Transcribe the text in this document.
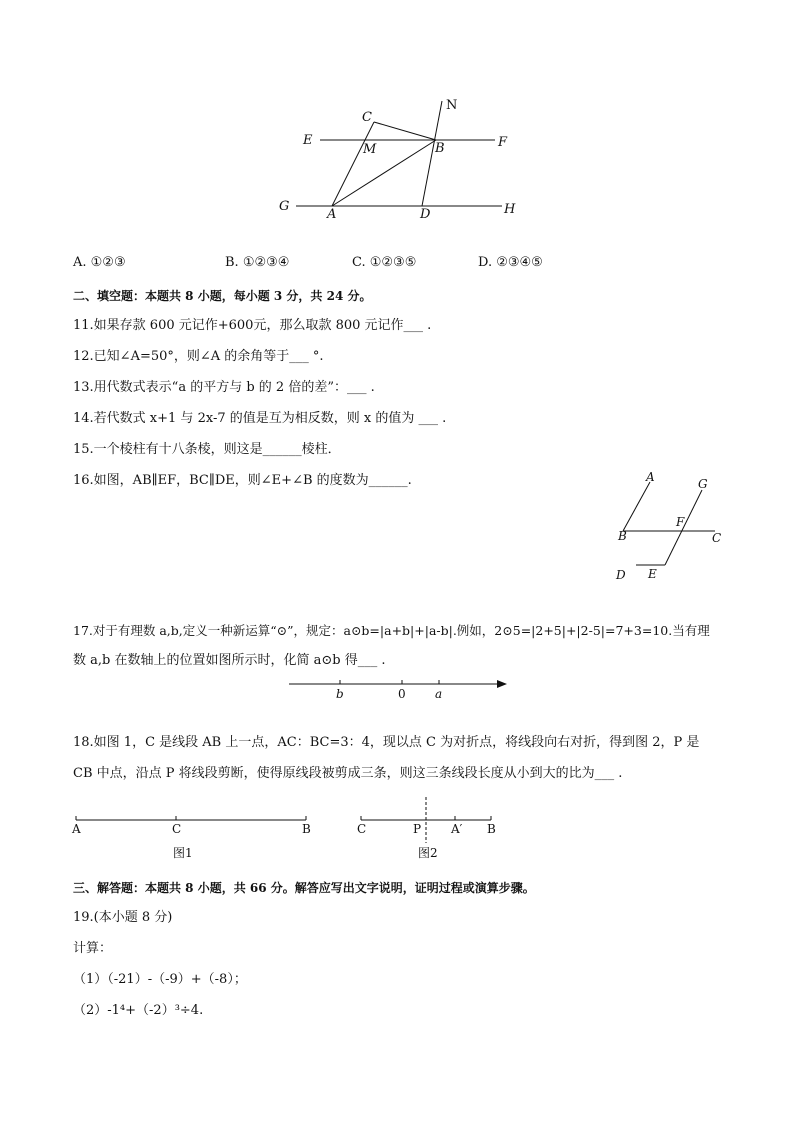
C
N
E
M	B	F
G
A	D	H
A. ①②③	B. ①②③④	C. ①②③⑤	D. ②③④⑤
二、填空题：本题共 8 小题，每小题 3 分，共 24 分。
11.如果存款 600 元记作+600元，那么取款 800 元记作___ .
12.已知∠A=50°，则∠A 的余角等于___ °.
13.用代数式表示“a 的平方与 b 的 2 倍的差”：___ .
14.若代数式 x+1 与 2x-7 的值是互为相反数，则 x 的值为 ___ .
15.一个棱柱有十八条棱，则这是______棱柱．
16.如图，AB∥EF，BC∥DE，则∠E+∠B 的度数为______.	A	G
F
B	C
D E
17.对于有理数 a,b,定义一种新运算“⊙”，规定：a⊙b=|a+b|+|a-b|.例如，2⊙5=|2+5|+|2-5|=7+3=10.当有理
数 a,b 在数轴上的位置如图所示时，化简 a⊙b 得___ .
b	0 a
18.如图 1，C 是线段 AB 上一点，AC：BC=3：4，现以点 C 为对折点，将线段向右对折，得到图 2，P 是
CB 中点，沿点 P 将线段剪断，使得原线段被剪成三条，则这三条线段长度从小到大的比为___ .
A	C	B
图1
C	P A′ B
图2
三、解答题：本题共 8 小题，共 66 分。解答应写出文字说明，证明过程或演算步骤。
19.(本小题 8 分)
计算：
（1）（-21）-（-9）+（-8）；
（2）-1⁴+（-2）³÷4.
